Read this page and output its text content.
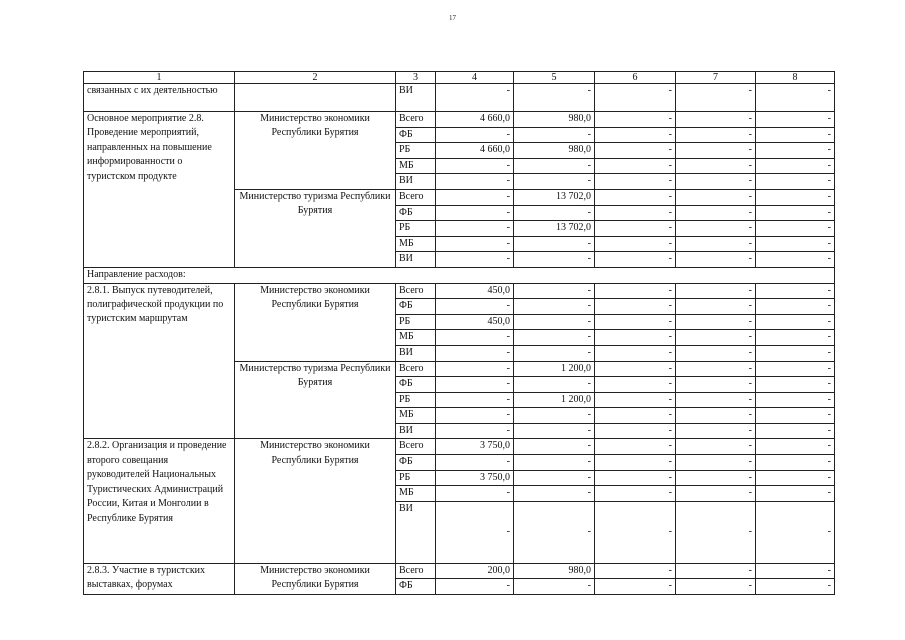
17
1	2	3	4	5	6	7	8
связанных с их деятельностью		ВИ	-	-	-	-	-
Основное мероприятие 2.8. Проведение мероприятий, направленных на повышение информированности о туристском продукте	Министерство экономики Республики Бурятия	Всего	4 660,0	980,0	-	-	-
		ФБ	-	-	-	-	-
		РБ	4 660,0	980,0	-	-	-
		МБ	-	-	-	-	-
		ВИ	-	-	-	-	-
	Министерство туризма Республики Бурятия	Всего	-	13 702,0	-	-	-
		ФБ	-	-	-	-	-
		РБ	-	13 702,0	-	-	-
		МБ	-	-	-	-	-
		ВИ	-	-	-	-	-
Направление расходов:							
2.8.1. Выпуск путеводителей, полиграфической продукции по туристским маршрутам	Министерство экономики Республики Бурятия	Всего	450,0	-	-	-	-
		ФБ	-	-	-	-	-
		РБ	450,0	-	-	-	-
		МБ	-	-	-	-	-
		ВИ	-	-	-	-	-
	Министерство туризма Республики Бурятия	Всего	-	1 200,0	-	-	-
		ФБ	-	-	-	-	-
		РБ	-	1 200,0	-	-	-
		МБ	-	-	-	-	-
		ВИ	-	-	-	-	-
2.8.2. Организация и проведение второго совещания руководителей Национальных Туристических Администраций России, Китая и Монголии в Республике Бурятия	Министерство экономики Республики Бурятия	Всего	3 750,0	-	-	-	-
		ФБ	-	-	-	-	-
		РБ	3 750,0	-	-	-	-
		МБ	-	-	-	-	-
		ВИ	-	-	-	-	-
2.8.3. Участие в туристских выставках, форумах	Министерство экономики Республики Бурятия	Всего	200,0	980,0	-	-	-
		ФБ	-	-	-	-	-
